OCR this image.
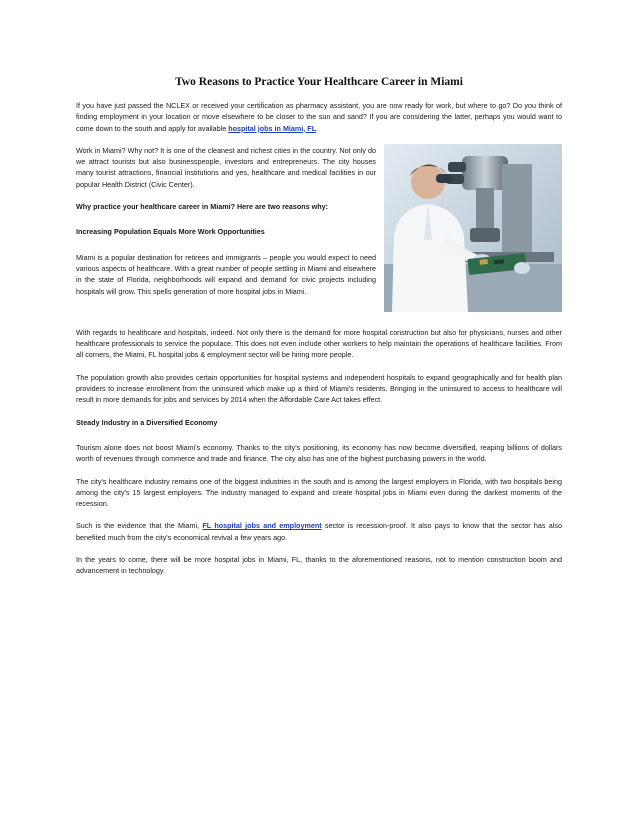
Two Reasons to Practice Your Healthcare Career in Miami

If you have just passed the NCLEX or received your certification as pharmacy assistant, you are now ready for work, but where to go? Do you think of finding employment in your location or move elsewhere to be closer to the sun and sand? If you are considering the latter, perhaps you would want to come down to the south and apply for available hospital jobs in Miami, FL.

Work in Miami? Why not? It is one of the cleanest and richest cities in the country. Not only do we attract tourists but also businesspeople, investors and entrepreneurs. The city houses many tourist attractions, financial institutions and yes, healthcare and medical facilities in our popular Health District (Civic Center).

Why practice your healthcare career in Miami? Here are two reasons why:

Increasing Population Equals More Work Opportunities

Miami is a popular destination for retirees and immigrants – people you would expect to need various aspects of healthcare. With a great number of people settling in Miami and elsewhere in the state of Florida, neighborhoods will expand and demand for civic projects including hospitals will grow. This spells generation of more hospital jobs in Miami.

With regards to healthcare and hospitals, indeed. Not only there is the demand for more hospital construction but also for physicians, nurses and other healthcare professionals to service the populace. This does not even include other workers to help maintain the operations of healthcare facilities. From all corners, the Miami, FL hospital jobs & employment sector will be hiring more people.

The population growth also provides certain opportunities for hospital systems and independent hospitals to expand geographically and for health plan providers to increase enrollment from the uninsured which make up a third of Miami's residents. Bringing in the uninsured to access to healthcare will result in more demands for jobs and services by 2014 when the Affordable Care Act takes effect.

Steady Industry in a Diversified Economy

Tourism alone does not boost Miami's economy. Thanks to the city's positioning, its economy has now become diversified, reaping billions of dollars worth of revenues through commerce and trade and finance. The city also has one of the highest purchasing powers in the world.

The city's healthcare industry remains one of the biggest industries in the south and is among the largest employers in Florida, with two hospitals being among the city's 15 largest employers. The industry managed to expand and create hospital jobs in Miami even during the darkest moments of the recession.

Such is the evidence that the Miami, FL hospital jobs and employment sector is recession-proof. It also pays to know that the sector has also benefited much from the city's economical revival a few years ago.

In the years to come, there will be more hospital jobs in Miami, FL, thanks to the aforementioned reasons, not to mention construction boom and advancement in technology.
